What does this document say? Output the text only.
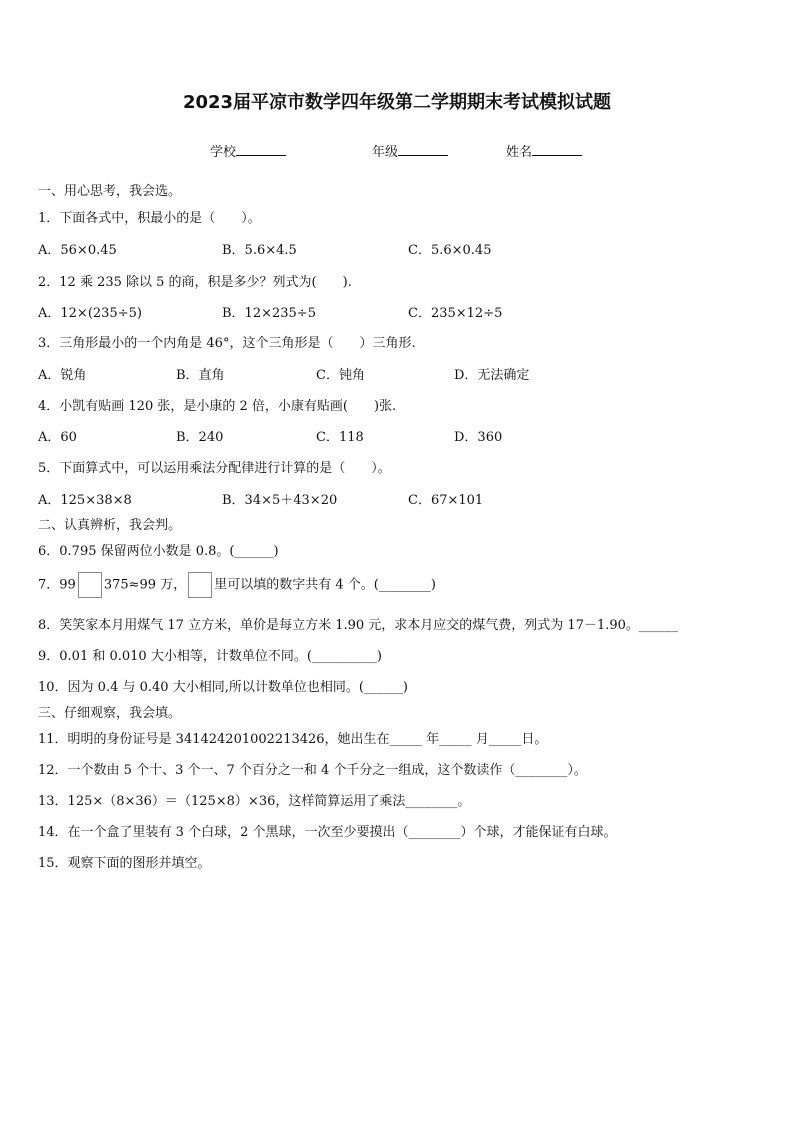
2023届平凉市数学四年级第二学期期末考试模拟试题
学校	年级	姓名
一、用心思考，我会选。
1．下面各式中，积最小的是（　　）。
A．56×0.45	B．5.6×4.5	C．5.6×0.45
2．12 乘 235 除以 5 的商，积是多少？列式为(　　).
A．12×(235÷5)	B．12×235÷5	C．235×12÷5
3．三角形最小的一个内角是 46°，这个三角形是（　　）三角形.
A．锐角	B．直角	C．钝角	D．无法确定
4．小凯有贴画 120 张，是小康的 2 倍，小康有贴画(　　)张.
A．60	B．240	C．118	D．360
5．下面算式中，可以运用乘法分配律进行计算的是（　　）。
A．125×38×8	B．34×5＋43×20	C．67×101
二、认真辨析，我会判。
6．0.795 保留两位小数是 0.8。(______)
7．99 375≈99 万， 里可以填的数字共有 4 个。(________)
8．笑笑家本月用煤气 17 立方米，单价是每立方米 1.90 元，求本月应交的煤气费，列式为 17－1.90。______
9．0.01 和 0.010 大小相等，计数单位不同。(__________)
10．因为 0.4 与 0.40 大小相同,所以计数单位也相同。(______)
三、仔细观察，我会填。
11．明明的身份证号是 341424201002213426，她出生在_____ 年_____ 月_____日。
12．一个数由 5 个十、3 个一、7 个百分之一和 4 个千分之一组成，这个数读作（________）。
13．125×（8×36）＝（125×8）×36，这样简算运用了乘法________。
14．在一个盒了里装有 3 个白球，2 个黑球，一次至少要摸出（________）个球，才能保证有白球。
15．观察下面的图形并填空。
